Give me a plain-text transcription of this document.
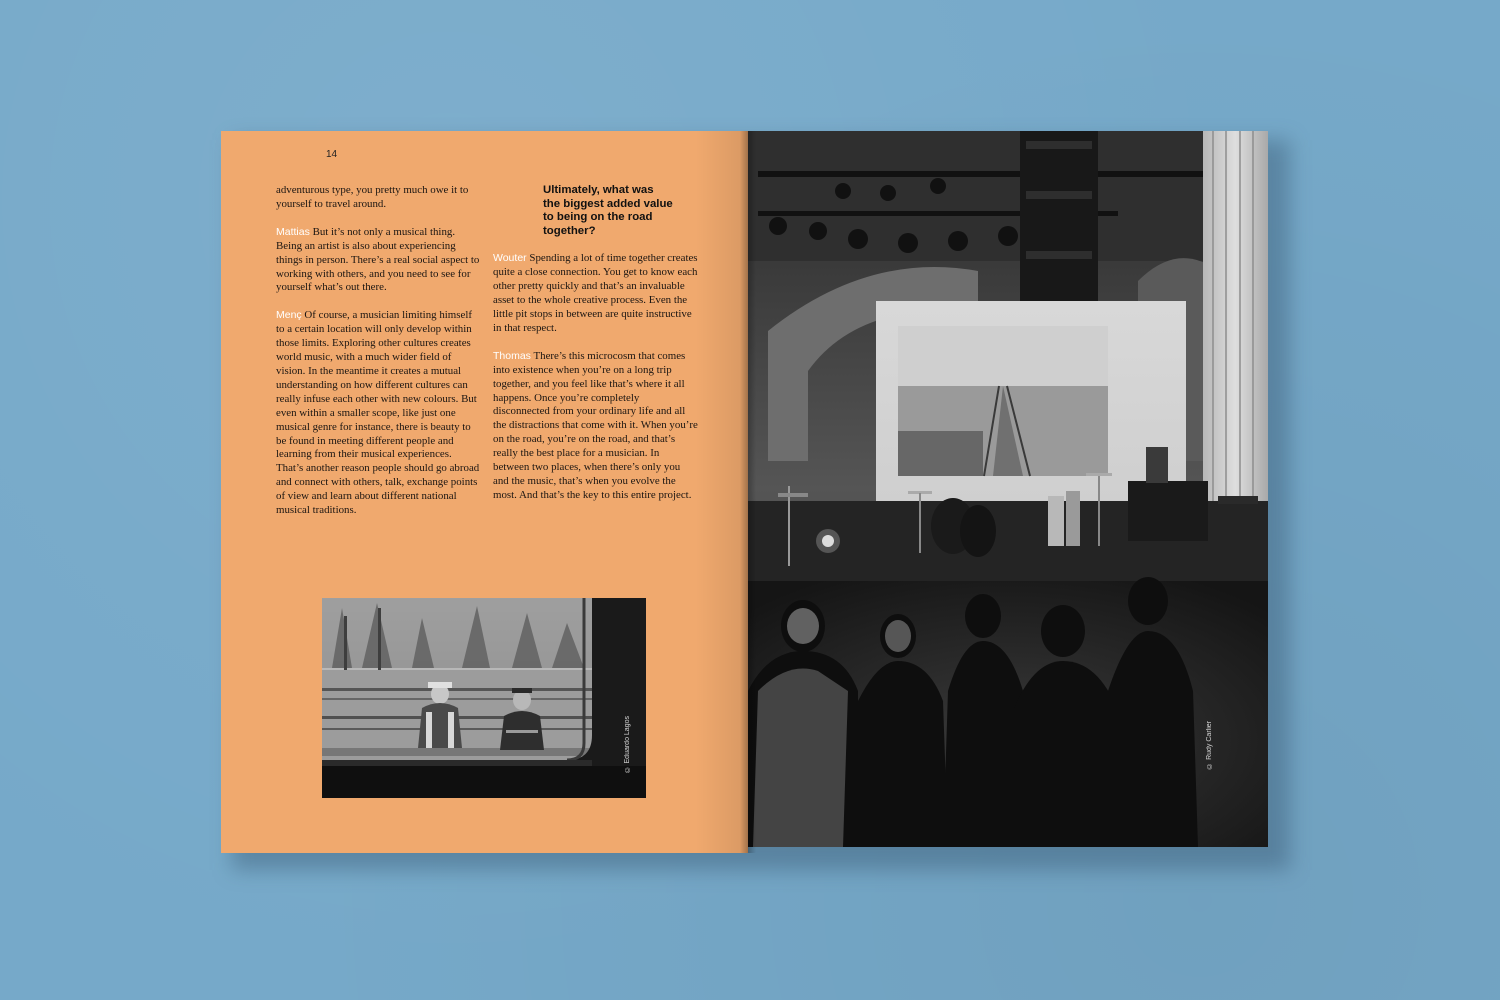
14

adventurous type, you pretty much owe it to yourself to travel around.

Mattias But it’s not only a musical thing. Being an artist is also about experiencing things in person. There’s a real social aspect to working with others, and you need to see for yourself what’s out there.

Menç Of course, a musician limiting himself to a certain location will only develop within those limits. Exploring other cultures creates world music, with a much wider field of vision. In the meantime it creates a mutual understanding on how different cultures can really infuse each other with new colours. But even within a smaller scope, like just one musical genre for instance, there is beauty to be found in meeting different people and learning from their musical experiences. That’s another reason people should go abroad and connect with others, talk, exchange points of view and learn about different national musical traditions.

Ultimately, what was the biggest added value to being on the road together?

Wouter Spending a lot of time together creates quite a close connection. You get to know each other pretty quickly and that’s an invaluable asset to the whole creative process. Even the little pit stops in between are quite instructive in that respect.

Thomas There’s this microcosm that comes into existence when you’re on a long trip together, and you feel like that’s where it all happens. Once you’re completely disconnected from your ordinary life and all the distractions that come with it. When you’re on the road, you’re on the road, and that’s really the best place for a musician. In between two places, when there’s only you and the music, that’s when you evolve the most. And that’s the key to this entire project.

© Eduardo Lagos	© Rudy Carlier
